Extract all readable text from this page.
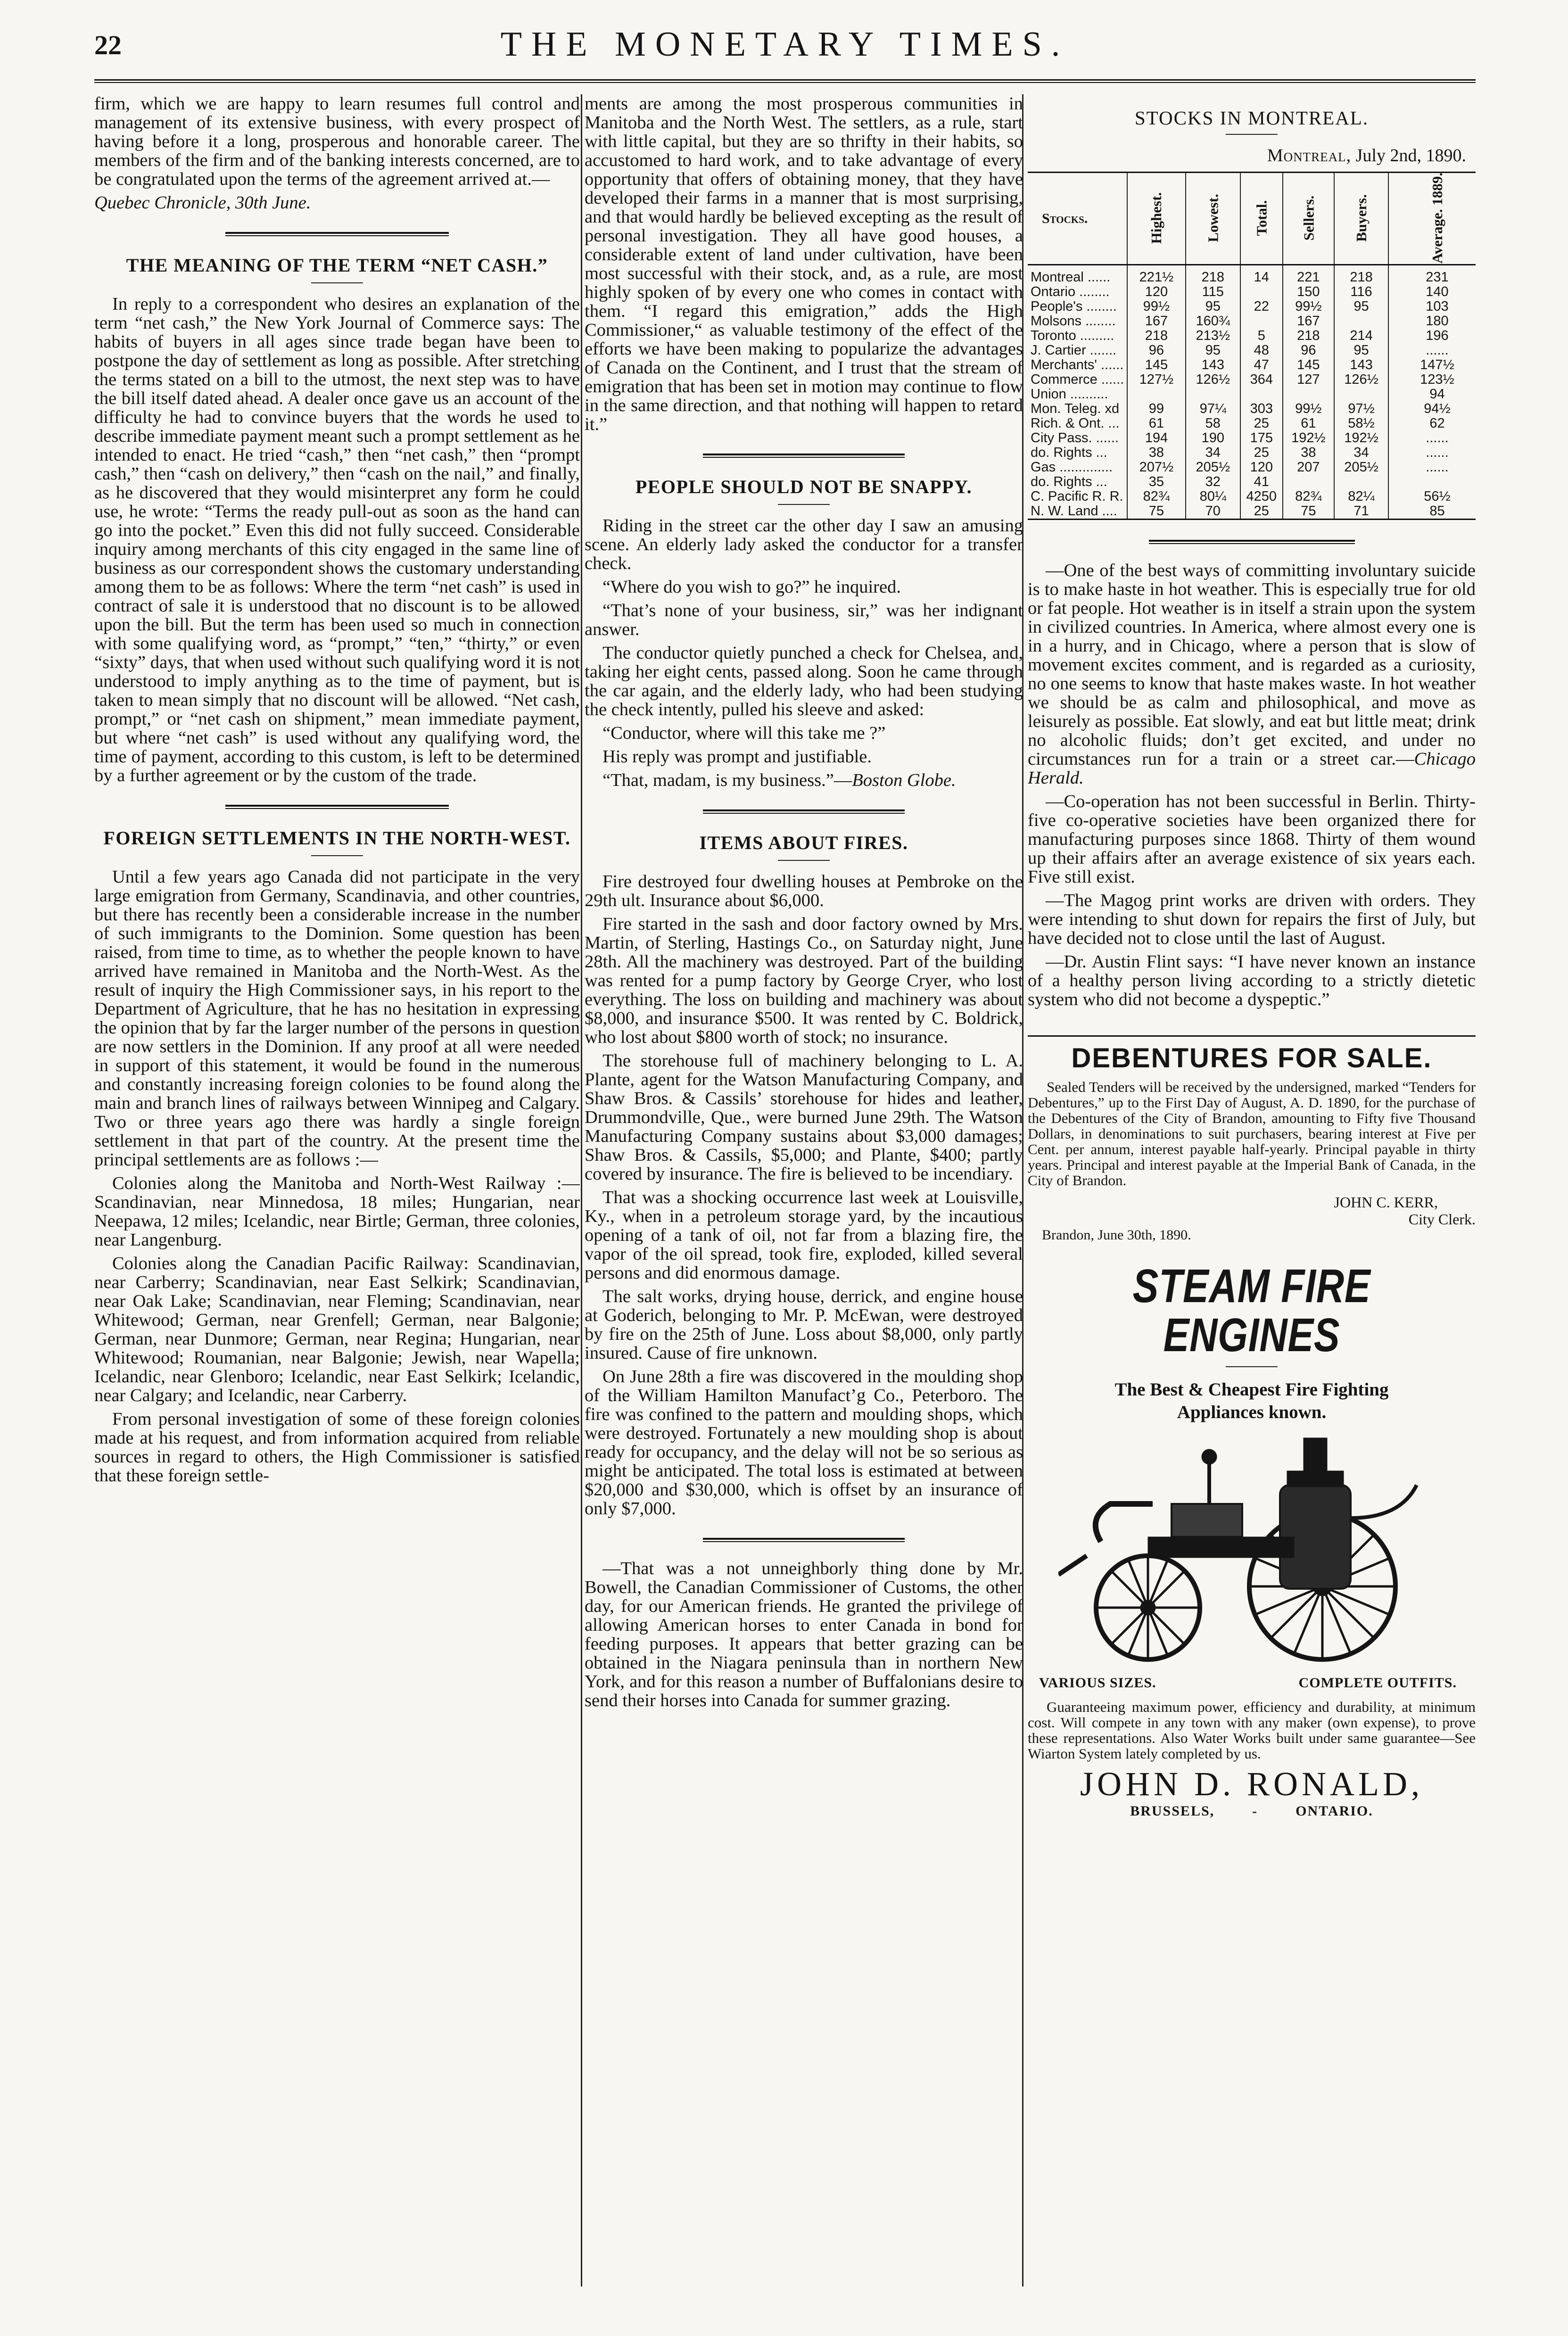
22	THE MONETARY TIMES.

firm, which we are happy to learn resumes full control and management of its extensive business, with every prospect of having before it a long, prosperous and honorable career. The members of the firm and of the banking interests concerned, are to be congratulated upon the terms of the agreement arrived at.—

Quebec Chronicle, 30th June.

THE MEANING OF THE TERM “NET CASH.”

In reply to a correspondent who desires an explanation of the term “net cash,” the New York Journal of Commerce says: The habits of buyers in all ages since trade began have been to postpone the day of settlement as long as possible. After stretching the terms stated on a bill to the utmost, the next step was to have the bill itself dated ahead. A dealer once gave us an account of the difficulty he had to convince buyers that the words he used to describe immediate payment meant such a prompt settlement as he intended to enact. He tried “cash,” then “net cash,” then “prompt cash,” then “cash on delivery,” then “cash on the nail,” and finally, as he discovered that they would misinterpret any form he could use, he wrote: “Terms the ready pull-out as soon as the hand can go into the pocket.” Even this did not fully succeed. Considerable inquiry among merchants of this city engaged in the same line of business as our correspondent shows the customary understanding among them to be as follows: Where the term “net cash” is used in contract of sale it is understood that no discount is to be allowed upon the bill. But the term has been used so much in connection with some qualifying word, as “prompt,” “ten,” “thirty,” or even “sixty” days, that when used without such qualifying word it is not understood to imply anything as to the time of payment, but is taken to mean simply that no discount will be allowed. “Net cash, prompt,” or “net cash on shipment,” mean immediate payment, but where “net cash” is used without any qualifying word, the time of payment, according to this custom, is left to be determined by a further agreement or by the custom of the trade.

FOREIGN SETTLEMENTS IN THE NORTH-WEST.

Until a few years ago Canada did not participate in the very large emigration from Germany, Scandinavia, and other countries, but there has recently been a considerable increase in the number of such immigrants to the Dominion. Some question has been raised, from time to time, as to whether the people known to have arrived have remained in Manitoba and the North-West. As the result of inquiry the High Commissioner says, in his report to the Department of Agriculture, that he has no hesitation in expressing the opinion that by far the larger number of the persons in question are now settlers in the Dominion. If any proof at all were needed in support of this statement, it would be found in the numerous and constantly increasing foreign colonies to be found along the main and branch lines of railways between Winnipeg and Calgary. Two or three years ago there was hardly a single foreign settlement in that part of the country. At the present time the principal settlements are as follows :—

Colonies along the Manitoba and North-West Railway :—Scandinavian, near Minnedosa, 18 miles; Hungarian, near Neepawa, 12 miles; Icelandic, near Birtle; German, three colonies, near Langenburg.

Colonies along the Canadian Pacific Railway: Scandinavian, near Carberry; Scandinavian, near East Selkirk; Scandinavian, near Oak Lake; Scandinavian, near Fleming; Scandinavian, near Whitewood; German, near Grenfell; German, near Balgonie; German, near Dunmore; German, near Regina; Hungarian, near Whitewood; Roumanian, near Balgonie; Jewish, near Wapella; Icelandic, near Glenboro; Icelandic, near East Selkirk; Icelandic, near Calgary; and Icelandic, near Carberry.

From personal investigation of some of these foreign colonies made at his request, and from information acquired from reliable sources in regard to others, the High Commissioner is satisfied that these foreign settle-

ments are among the most prosperous communities in Manitoba and the North West. The settlers, as a rule, start with little capital, but they are so thrifty in their habits, so accustomed to hard work, and to take advantage of every opportunity that offers of obtaining money, that they have developed their farms in a manner that is most surprising, and that would hardly be believed excepting as the result of personal investigation. They all have good houses, a considerable extent of land under cultivation, have been most successful with their stock, and, as a rule, are most highly spoken of by every one who comes in contact with them. “I regard this emigration,” adds the High Commissioner,“ as valuable testimony of the effect of the efforts we have been making to popularize the advantages of Canada on the Continent, and I trust that the stream of emigration that has been set in motion may continue to flow in the same direction, and that nothing will happen to retard it.”

PEOPLE SHOULD NOT BE SNAPPY.

Riding in the street car the other day I saw an amusing scene. An elderly lady asked the conductor for a transfer check.

“Where do you wish to go?” he inquired.

“That’s none of your business, sir,” was her indignant answer.

The conductor quietly punched a check for Chelsea, and, taking her eight cents, passed along. Soon he came through the car again, and the elderly lady, who had been studying the check intently, pulled his sleeve and asked:

“Conductor, where will this take me ?”

His reply was prompt and justifiable.

“That, madam, is my business.”—Boston Globe.

ITEMS ABOUT FIRES.

Fire destroyed four dwelling houses at Pembroke on the 29th ult. Insurance about $6,000.

Fire started in the sash and door factory owned by Mrs. Martin, of Sterling, Hastings Co., on Saturday night, June 28th. All the machinery was destroyed. Part of the building was rented for a pump factory by George Cryer, who lost everything. The loss on building and machinery was about $8,000, and insurance $500. It was rented by C. Boldrick, who lost about $800 worth of stock; no insurance.

The storehouse full of machinery belonging to L. A. Plante, agent for the Watson Manufacturing Company, and Shaw Bros. & Cassils’ storehouse for hides and leather, Drummondville, Que., were burned June 29th. The Watson Manufacturing Company sustains about $3,000 damages; Shaw Bros. & Cassils, $5,000; and Plante, $400; partly covered by insurance. The fire is believed to be incendiary.

That was a shocking occurrence last week at Louisville, Ky., when in a petroleum storage yard, by the incautious opening of a tank of oil, not far from a blazing fire, the vapor of the oil spread, took fire, exploded, killed several persons and did enormous damage.

The salt works, drying house, derrick, and engine house at Goderich, belonging to Mr. P. McEwan, were destroyed by fire on the 25th of June. Loss about $8,000, only partly insured. Cause of fire unknown.

On June 28th a fire was discovered in the moulding shop of the William Hamilton Manufact’g Co., Peterboro. The fire was confined to the pattern and moulding shops, which were destroyed. Fortunately a new moulding shop is about ready for occupancy, and the delay will not be so serious as might be anticipated. The total loss is estimated at between $20,000 and $30,000, which is offset by an insurance of only $7,000.

—That was a not unneighborly thing done by Mr. Bowell, the Canadian Commissioner of Customs, the other day, for our American friends. He granted the privilege of allowing American horses to enter Canada in bond for feeding purposes. It appears that better grazing can be obtained in the Niagara peninsula than in northern New York, and for this reason a number of Buffalonians desire to send their horses into Canada for summer grazing.

STOCKS IN MONTREAL.
Montreal, July 2nd, 1890.
Stocks.	Highest.	Lowest.	Total.	Sellers.	Buyers.	Average. 1889.
Montreal ......	221½	218	14	221	218	231
Ontario ........	120	115		150	116	140
People's ........	99½	95	22	99½	95	103
Molsons ........	167	160¾		167		180
Toronto .........	218	213½	5	218	214	196
J. Cartier .......	96	95	48	96	95	......
Merchants' ......	145	143	47	145	143	147½
Commerce ......	127½	126½	364	127	126½	123½
Union ..........						94
Mon. Teleg. xd	99	97¼	303	99½	97½	94½
Rich. & Ont. ...	61	58	25	61	58½	62
City Pass. ......	194	190	175	192½	192½	......
do. Rights ...	38	34	25	38	34	......
Gas ..............	207½	205½	120	207	205½	......
do. Rights ...	35	32	41			
C. Pacific R. R.	82¾	80¼	4250	82¾	82¼	56½
N. W. Land ....	75	70	25	75	71	85

—One of the best ways of committing involuntary suicide is to make haste in hot weather. This is especially true for old or fat people. Hot weather is in itself a strain upon the system in civilized countries. In America, where almost every one is in a hurry, and in Chicago, where a person that is slow of movement excites comment, and is regarded as a curiosity, no one seems to know that haste makes waste. In hot weather we should be as calm and philosophical, and move as leisurely as possible. Eat slowly, and eat but little meat; drink no alcoholic fluids; don’t get excited, and under no circumstances run for a train or a street car.—Chicago Herald.

—Co-operation has not been successful in Berlin. Thirty-five co-operative societies have been organized there for manufacturing purposes since 1868. Thirty of them wound up their affairs after an average existence of six years each. Five still exist.

—The Magog print works are driven with orders. They were intending to shut down for repairs the first of July, but have decided not to close until the last of August.

—Dr. Austin Flint says: “I have never known an instance of a healthy person living according to a strictly dietetic system who did not become a dyspeptic.”

DEBENTURES FOR SALE.

Sealed Tenders will be received by the undersigned, marked “Tenders for Debentures,” up to the First Day of August, A. D. 1890, for the purchase of the Debentures of the City of Brandon, amounting to Fifty five Thousand Dollars, in denominations to suit purchasers, bearing interest at Five per Cent. per annum, interest payable half-yearly. Principal payable in thirty years. Principal and interest payable at the Imperial Bank of Canada, in the City of Brandon.

JOHN C. KERR,
City Clerk.
Brandon, June 30th, 1890.
STEAM FIRE ENGINES
The Best & Cheapest Fire Fighting
Appliances known.
VARIOUS SIZES.	COMPLETE OUTFITS.

Guaranteeing maximum power, efficiency and durability, at minimum cost. Will compete in any town with any maker (own expense), to prove these representations. Also Water Works built under same guarantee—See Wiarton System lately completed by us.

JOHN D. RONALD,
BRUSSELS,	-	ONTARIO.
